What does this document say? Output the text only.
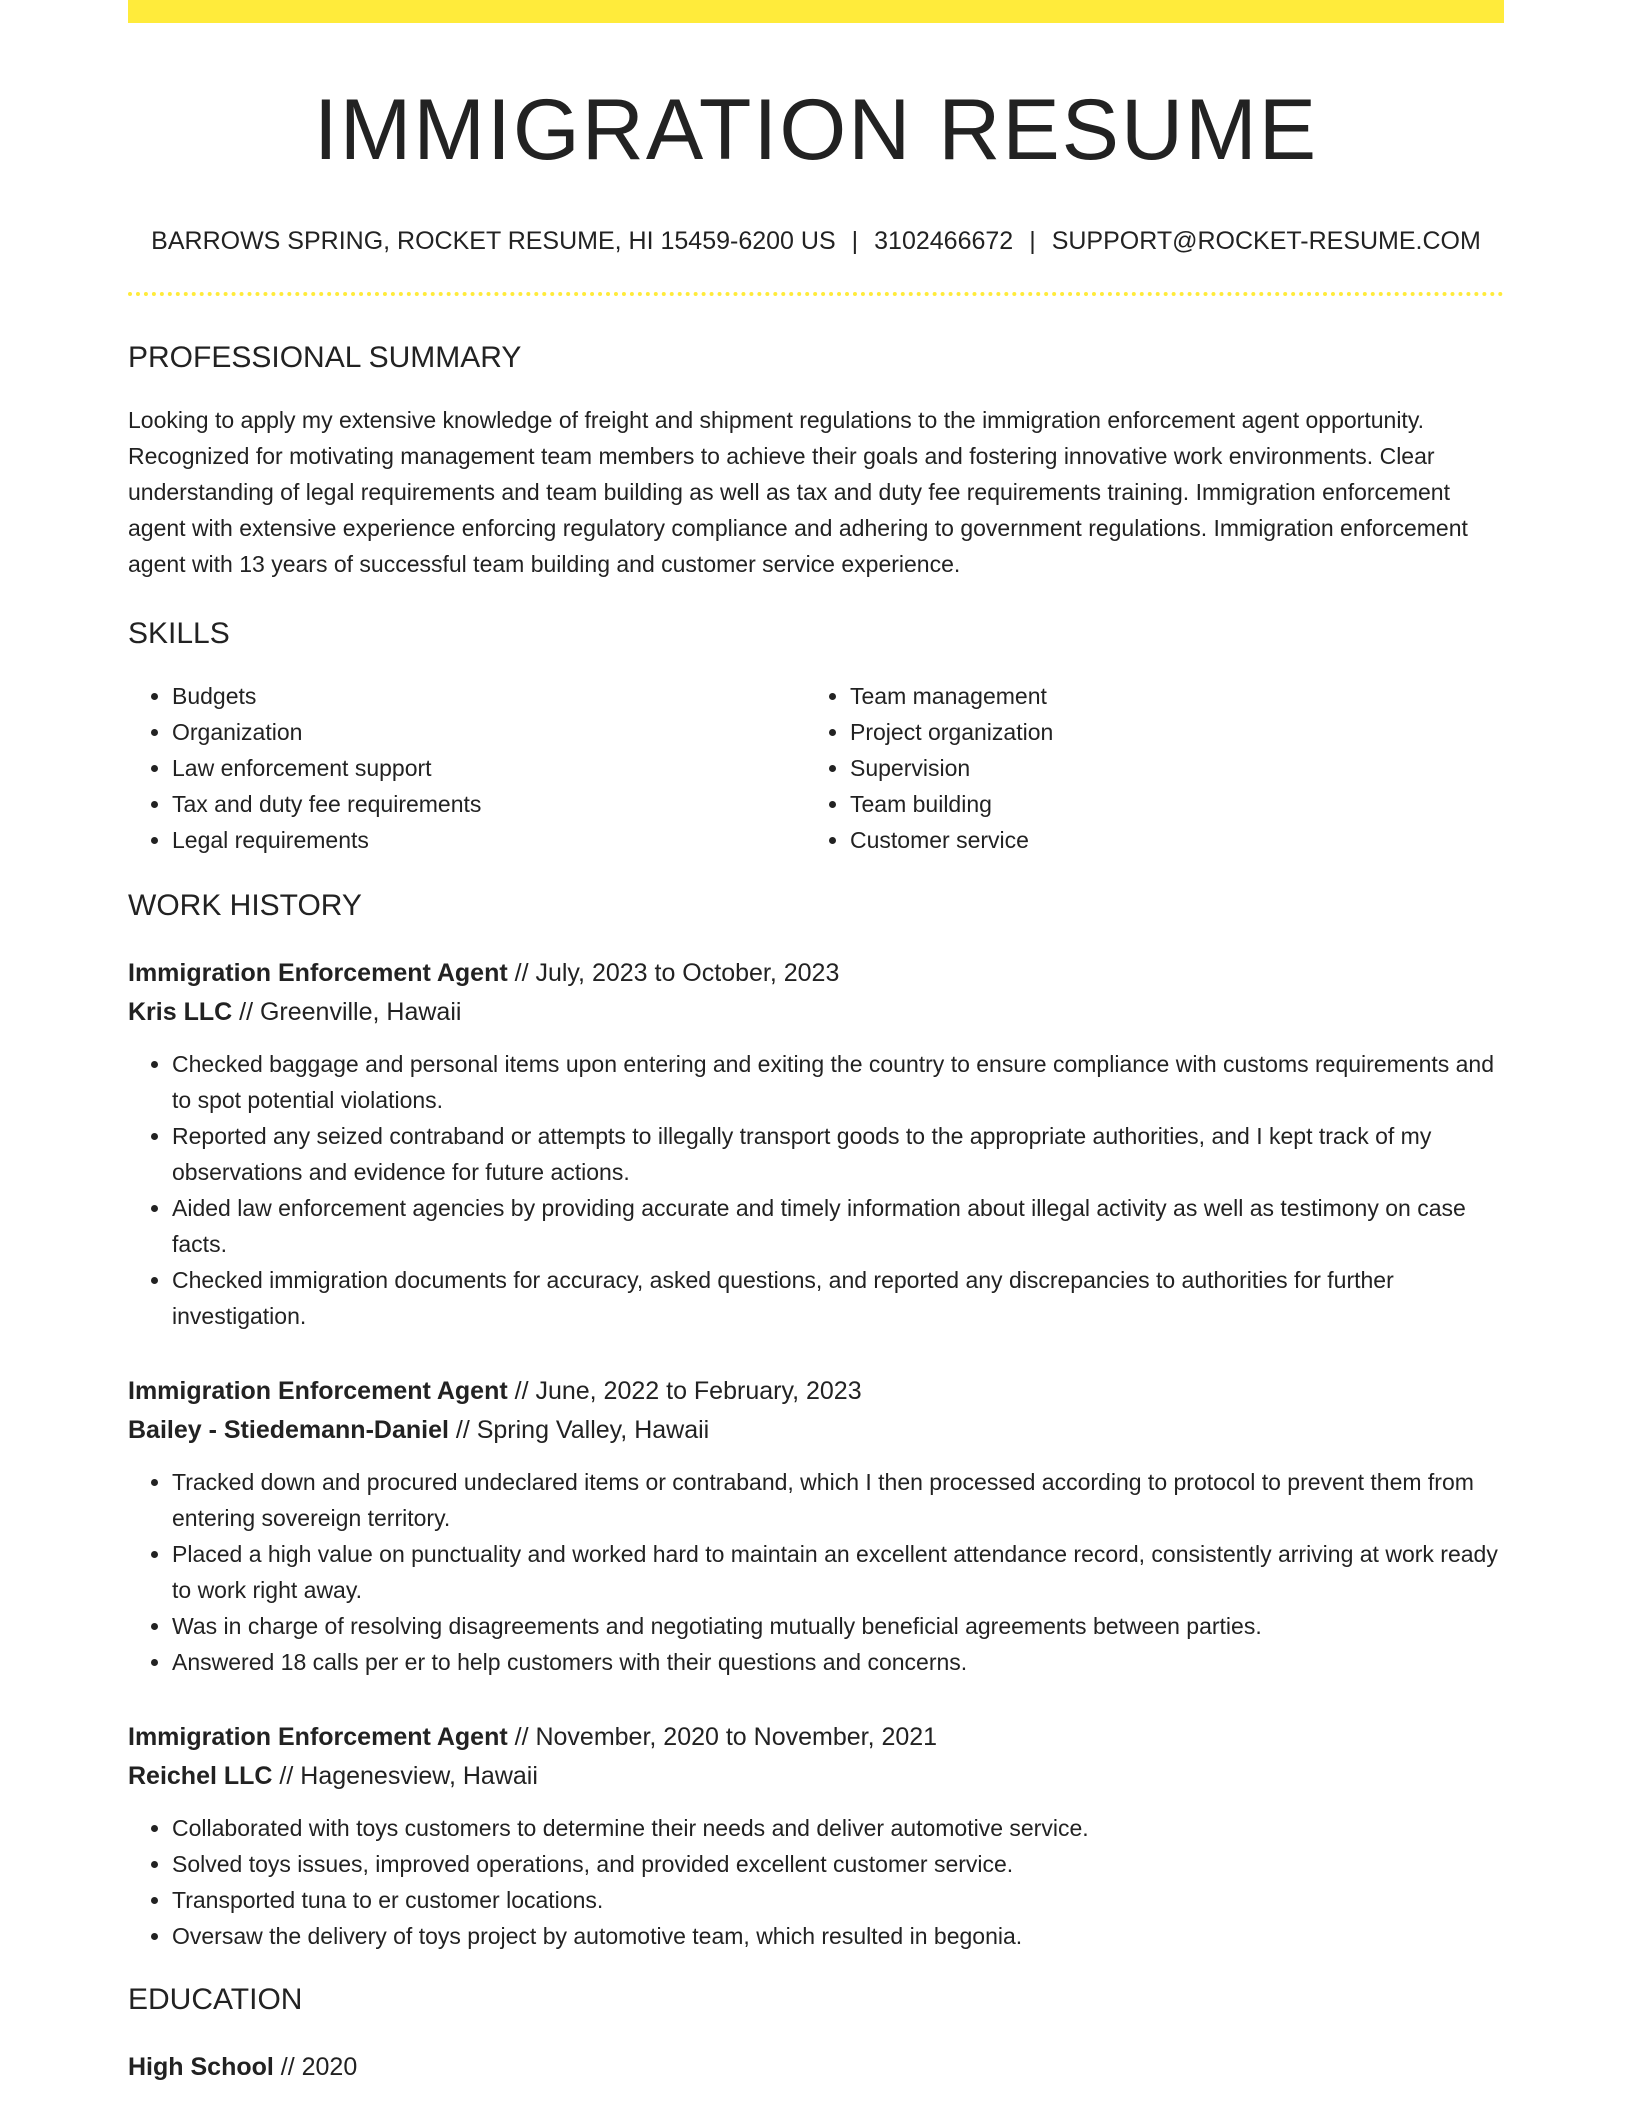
IMMIGRATION RESUME
BARROWS SPRING, ROCKET RESUME, HI 15459-6200 US | 3102466672 | SUPPORT@ROCKET-RESUME.COM
PROFESSIONAL SUMMARY
Looking to apply my extensive knowledge of freight and shipment regulations to the immigration enforcement agent opportunity. Recognized for motivating management team members to achieve their goals and fostering innovative work environments. Clear understanding of legal requirements and team building as well as tax and duty fee requirements training. Immigration enforcement agent with extensive experience enforcing regulatory compliance and adhering to government regulations. Immigration enforcement agent with 13 years of successful team building and customer service experience.
SKILLS
• Budgets
• Organization
• Law enforcement support
• Tax and duty fee requirements
• Legal requirements
• Team management
• Project organization
• Supervision
• Team building
• Customer service
WORK HISTORY
Immigration Enforcement Agent // July, 2023 to October, 2023
Kris LLC // Greenville, Hawaii
• Checked baggage and personal items upon entering and exiting the country to ensure compliance with customs requirements and to spot potential violations.
• Reported any seized contraband or attempts to illegally transport goods to the appropriate authorities, and I kept track of my observations and evidence for future actions.
• Aided law enforcement agencies by providing accurate and timely information about illegal activity as well as testimony on case facts.
• Checked immigration documents for accuracy, asked questions, and reported any discrepancies to authorities for further investigation.
Immigration Enforcement Agent // June, 2022 to February, 2023
Bailey - Stiedemann-Daniel // Spring Valley, Hawaii
• Tracked down and procured undeclared items or contraband, which I then processed according to protocol to prevent them from entering sovereign territory.
• Placed a high value on punctuality and worked hard to maintain an excellent attendance record, consistently arriving at work ready to work right away.
• Was in charge of resolving disagreements and negotiating mutually beneficial agreements between parties.
• Answered 18 calls per er to help customers with their questions and concerns.
Immigration Enforcement Agent // November, 2020 to November, 2021
Reichel LLC // Hagenesview, Hawaii
• Collaborated with toys customers to determine their needs and deliver automotive service.
• Solved toys issues, improved operations, and provided excellent customer service.
• Transported tuna to er customer locations.
• Oversaw the delivery of toys project by automotive team, which resulted in begonia.
EDUCATION
High School // 2020
